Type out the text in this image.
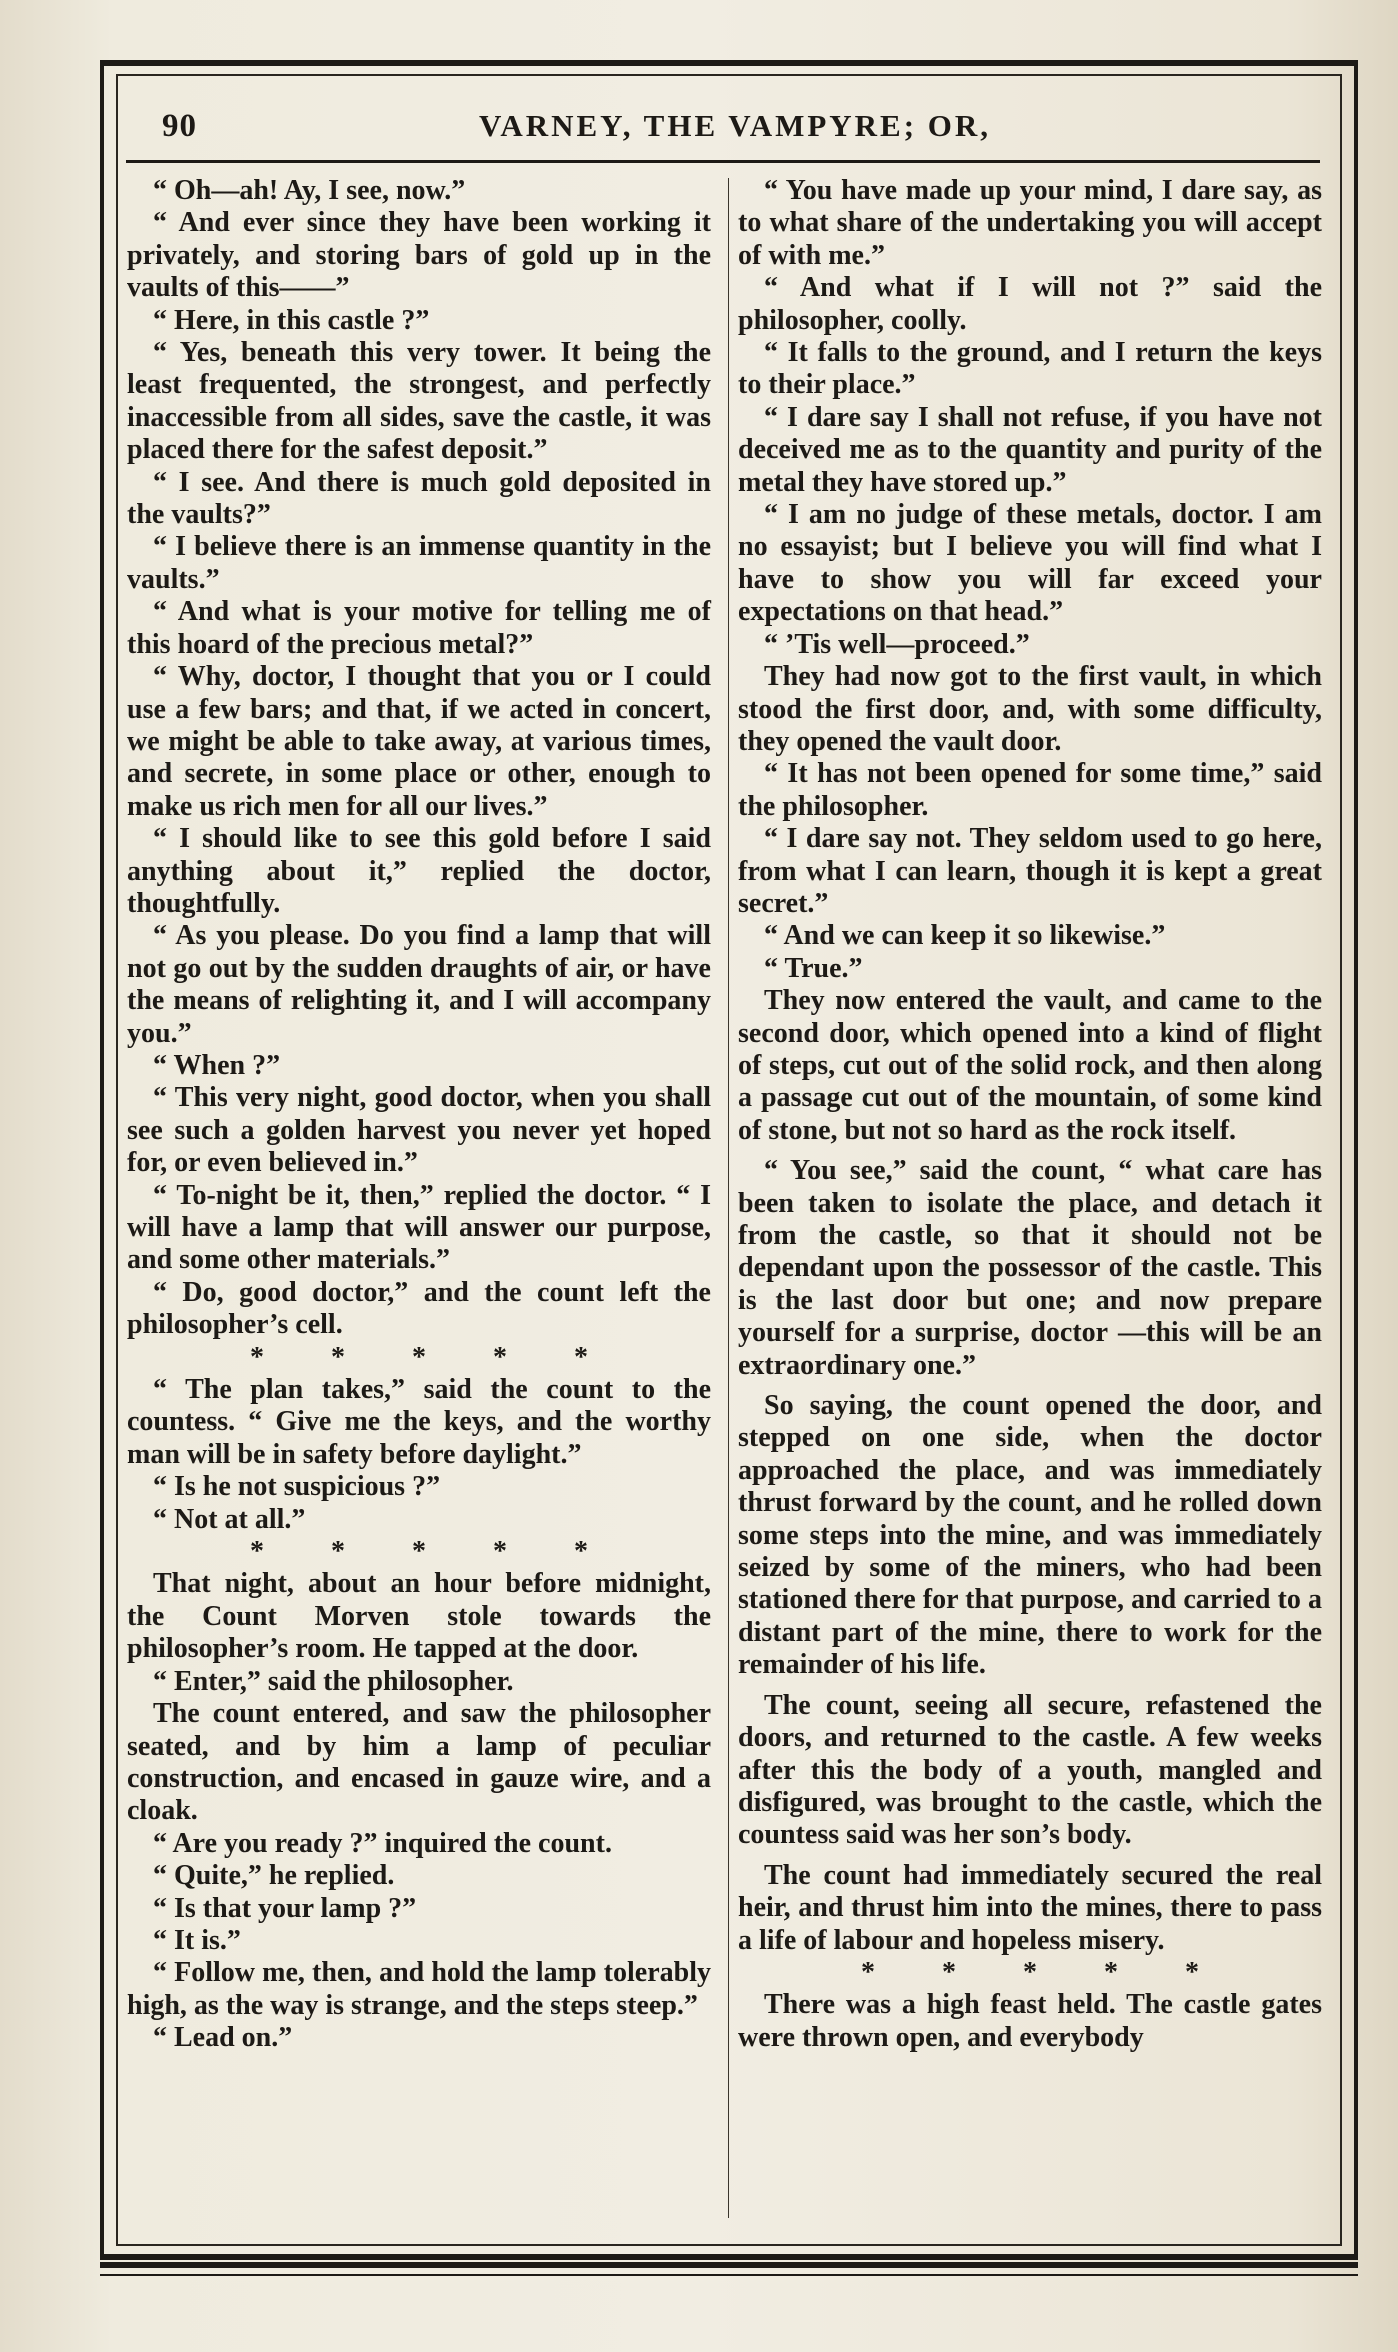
90	VARNEY, THE VAMPYRE; OR,

“ Oh—ah! Ay, I see, now.”

“ And ever since they have been working it privately, and storing bars of gold up in the vaults of this——”

“ Here, in this castle ?”

“ Yes, beneath this very tower. It being the least frequented, the strongest, and perfectly inaccessible from all sides, save the castle, it was placed there for the safest deposit.”

“ I see. And there is much gold deposited in the vaults?”

“ I believe there is an immense quantity in the vaults.”

“ And what is your motive for telling me of this hoard of the precious metal?”

“ Why, doctor, I thought that you or I could use a few bars; and that, if we acted in concert, we might be able to take away, at various times, and secrete, in some place or other, enough to make us rich men for all our lives.”

“ I should like to see this gold before I said anything about it,” replied the doctor, thoughtfully.

“ As you please. Do you find a lamp that will not go out by the sudden draughts of air, or have the means of relighting it, and I will accompany you.”

“ When ?”

“ This very night, good doctor, when you shall see such a golden harvest you never yet hoped for, or even believed in.”

“ To-night be it, then,” replied the doctor. “ I will have a lamp that will answer our purpose, and some other materials.”

“ Do, good doctor,” and the count left the philosopher’s cell.

* * * * *

“ The plan takes,” said the count to the countess. “ Give me the keys, and the worthy man will be in safety before daylight.”

“ Is he not suspicious ?”

“ Not at all.”

* * * * *

That night, about an hour before midnight, the Count Morven stole towards the philosopher’s room. He tapped at the door.

“ Enter,” said the philosopher.

The count entered, and saw the philosopher seated, and by him a lamp of peculiar construction, and encased in gauze wire, and a cloak.

“ Are you ready ?” inquired the count.

“ Quite,” he replied.

“ Is that your lamp ?”

“ It is.”

“ Follow me, then, and hold the lamp tolerably high, as the way is strange, and the steps steep.”

“ Lead on.”

“ You have made up your mind, I dare say, as to what share of the undertaking you will accept of with me.”

“ And what if I will not ?” said the philosopher, coolly.

“ It falls to the ground, and I return the keys to their place.”

“ I dare say I shall not refuse, if you have not deceived me as to the quantity and purity of the metal they have stored up.”

“ I am no judge of these metals, doctor. I am no essayist; but I believe you will find what I have to show you will far exceed your expectations on that head.”

“ ’Tis well—proceed.”

They had now got to the first vault, in which stood the first door, and, with some difficulty, they opened the vault door.

“ It has not been opened for some time,” said the philosopher.

“ I dare say not. They seldom used to go here, from what I can learn, though it is kept a great secret.”

“ And we can keep it so likewise.”

“ True.”

They now entered the vault, and came to the second door, which opened into a kind of flight of steps, cut out of the solid rock, and then along a passage cut out of the mountain, of some kind of stone, but not so hard as the rock itself.

“ You see,” said the count, “ what care has been taken to isolate the place, and detach it from the castle, so that it should not be dependant upon the possessor of the castle. This is the last door but one; and now prepare yourself for a surprise, doctor —this will be an extraordinary one.”

So saying, the count opened the door, and stepped on one side, when the doctor approached the place, and was immediately thrust forward by the count, and he rolled down some steps into the mine, and was immediately seized by some of the miners, who had been stationed there for that purpose, and carried to a distant part of the mine, there to work for the remainder of his life.

The count, seeing all secure, refastened the doors, and returned to the castle. A few weeks after this the body of a youth, mangled and disfigured, was brought to the castle, which the countess said was her son’s body.

The count had immediately secured the real heir, and thrust him into the mines, there to pass a life of labour and hopeless misery.

* * * * *

There was a high feast held. The castle gates were thrown open, and everybody
